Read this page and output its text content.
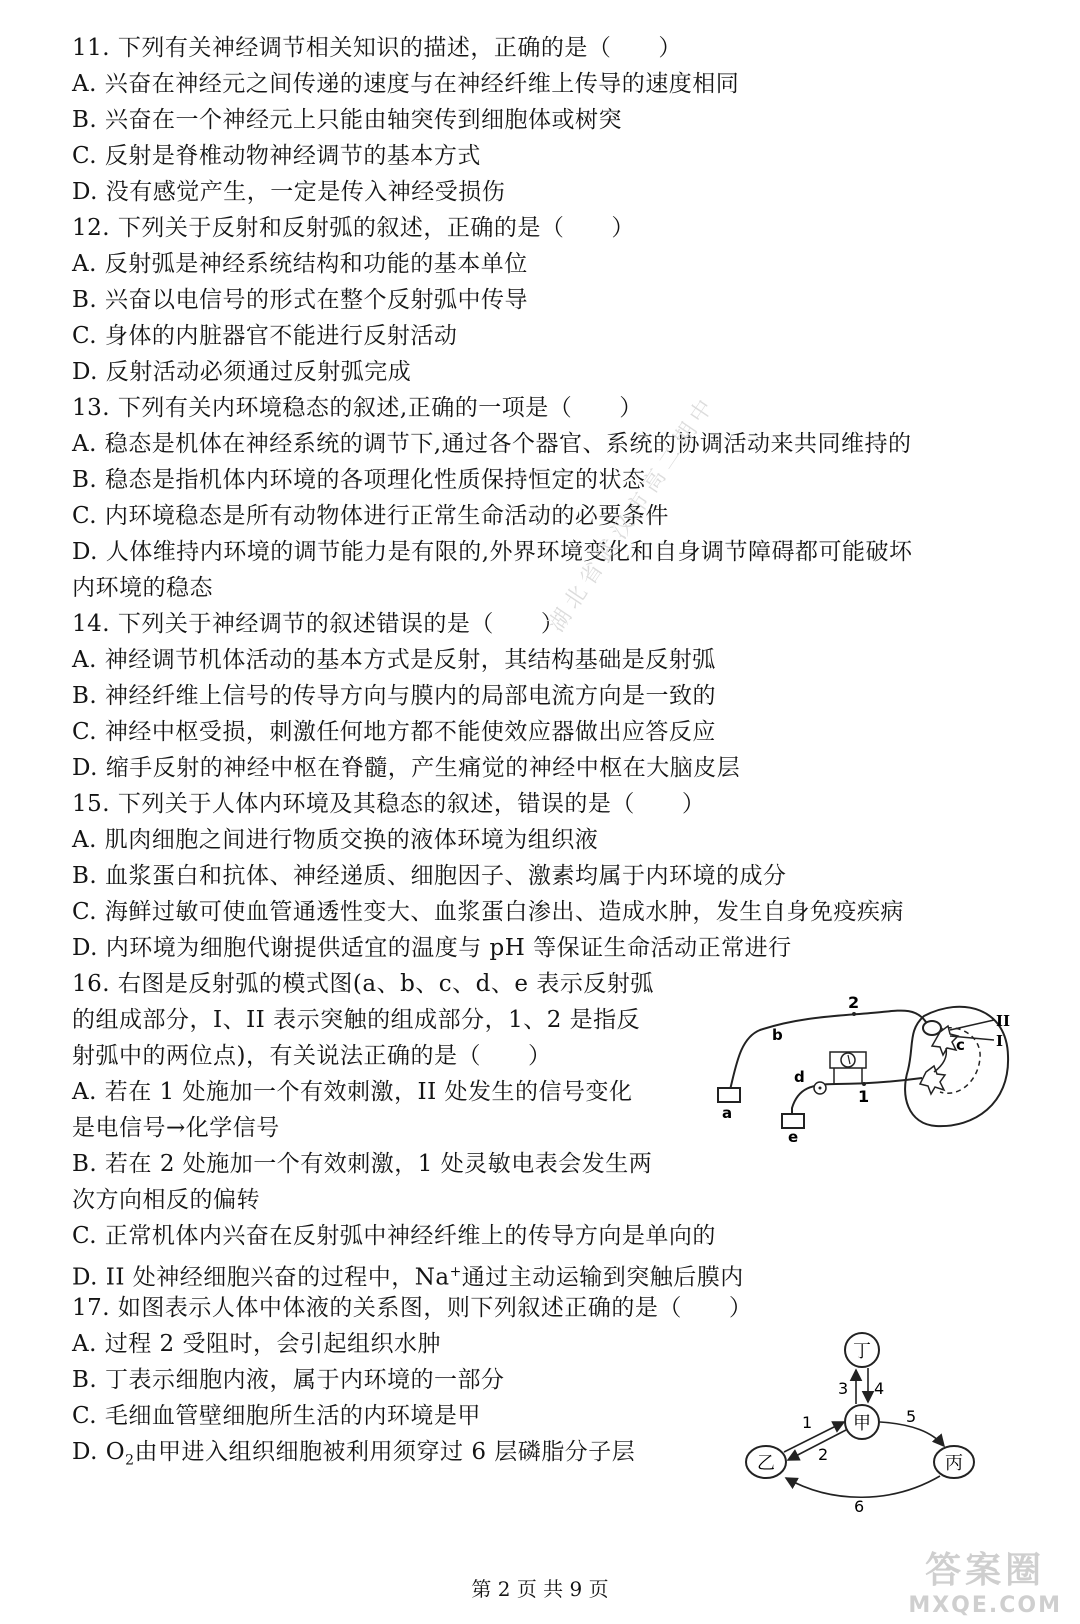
11. 下列有关神经调节相关知识的描述，正确的是（　　）
A. 兴奋在神经元之间传递的速度与在神经纤维上传导的速度相同
B. 兴奋在一个神经元上只能由轴突传到细胞体或树突
C. 反射是脊椎动物神经调节的基本方式
D. 没有感觉产生，一定是传入神经受损伤
12. 下列关于反射和反射弧的叙述，正确的是（　　）
A. 反射弧是神经系统结构和功能的基本单位
B. 兴奋以电信号的形式在整个反射弧中传导
C. 身体的内脏器官不能进行反射活动
D. 反射活动必须通过反射弧完成
13. 下列有关内环境稳态的叙述,正确的一项是（　　）
A. 稳态是机体在神经系统的调节下,通过各个器官、系统的协调活动来共同维持的
B. 稳态是指机体内环境的各项理化性质保持恒定的状态
C. 内环境稳态是所有动物体进行正常生命活动的必要条件
D. 人体维持内环境的调节能力是有限的,外界环境变化和自身调节障碍都可能破坏
内环境的稳态
14. 下列关于神经调节的叙述错误的是（　　）
A. 神经调节机体活动的基本方式是反射，其结构基础是反射弧
B. 神经纤维上信号的传导方向与膜内的局部电流方向是一致的
C. 神经中枢受损，刺激任何地方都不能使效应器做出应答反应
D. 缩手反射的神经中枢在脊髓，产生痛觉的神经中枢在大脑皮层
15. 下列关于人体内环境及其稳态的叙述，错误的是（　　）
A. 肌肉细胞之间进行物质交换的液体环境为组织液
B. 血浆蛋白和抗体、神经递质、细胞因子、激素均属于内环境的成分
C. 海鲜过敏可使血管通透性变大、血浆蛋白渗出、造成水肿，发生自身免疫疾病
D. 内环境为细胞代谢提供适宜的温度与 pH 等保证生命活动正常进行
16. 右图是反射弧的模式图(a、b、c、d、e 表示反射弧
的组成部分，I、II 表示突触的组成部分，1、2 是指反
射弧中的两位点)，有关说法正确的是（　　）
A. 若在 1 处施加一个有效刺激，II 处发生的信号变化
是电信号→化学信号
B. 若在 2 处施加一个有效刺激，1 处灵敏电表会发生两
次方向相反的偏转
C. 正常机体内兴奋在反射弧中神经纤维上的传导方向是单向的
D. II 处神经细胞兴奋的过程中，Na+通过主动运输到突触后膜内
17. 如图表示人体中体液的关系图，则下列叙述正确的是（　　）
A. 过程 2 受阻时，会引起组织水肿
B. 丁表示细胞内液，属于内环境的一部分
C. 毛细血管壁细胞所生活的内环境是甲
D. $O_2$由甲进入组织细胞被利用须穿过 6 层磷脂分子层
a
b
c
d
e
2
1
II
I
丁
甲
乙	丙
3 4
1
2
5
6
湖北省武汉市高二期中
第 2 页 共 9 页	答案圈
MXQE.COM
